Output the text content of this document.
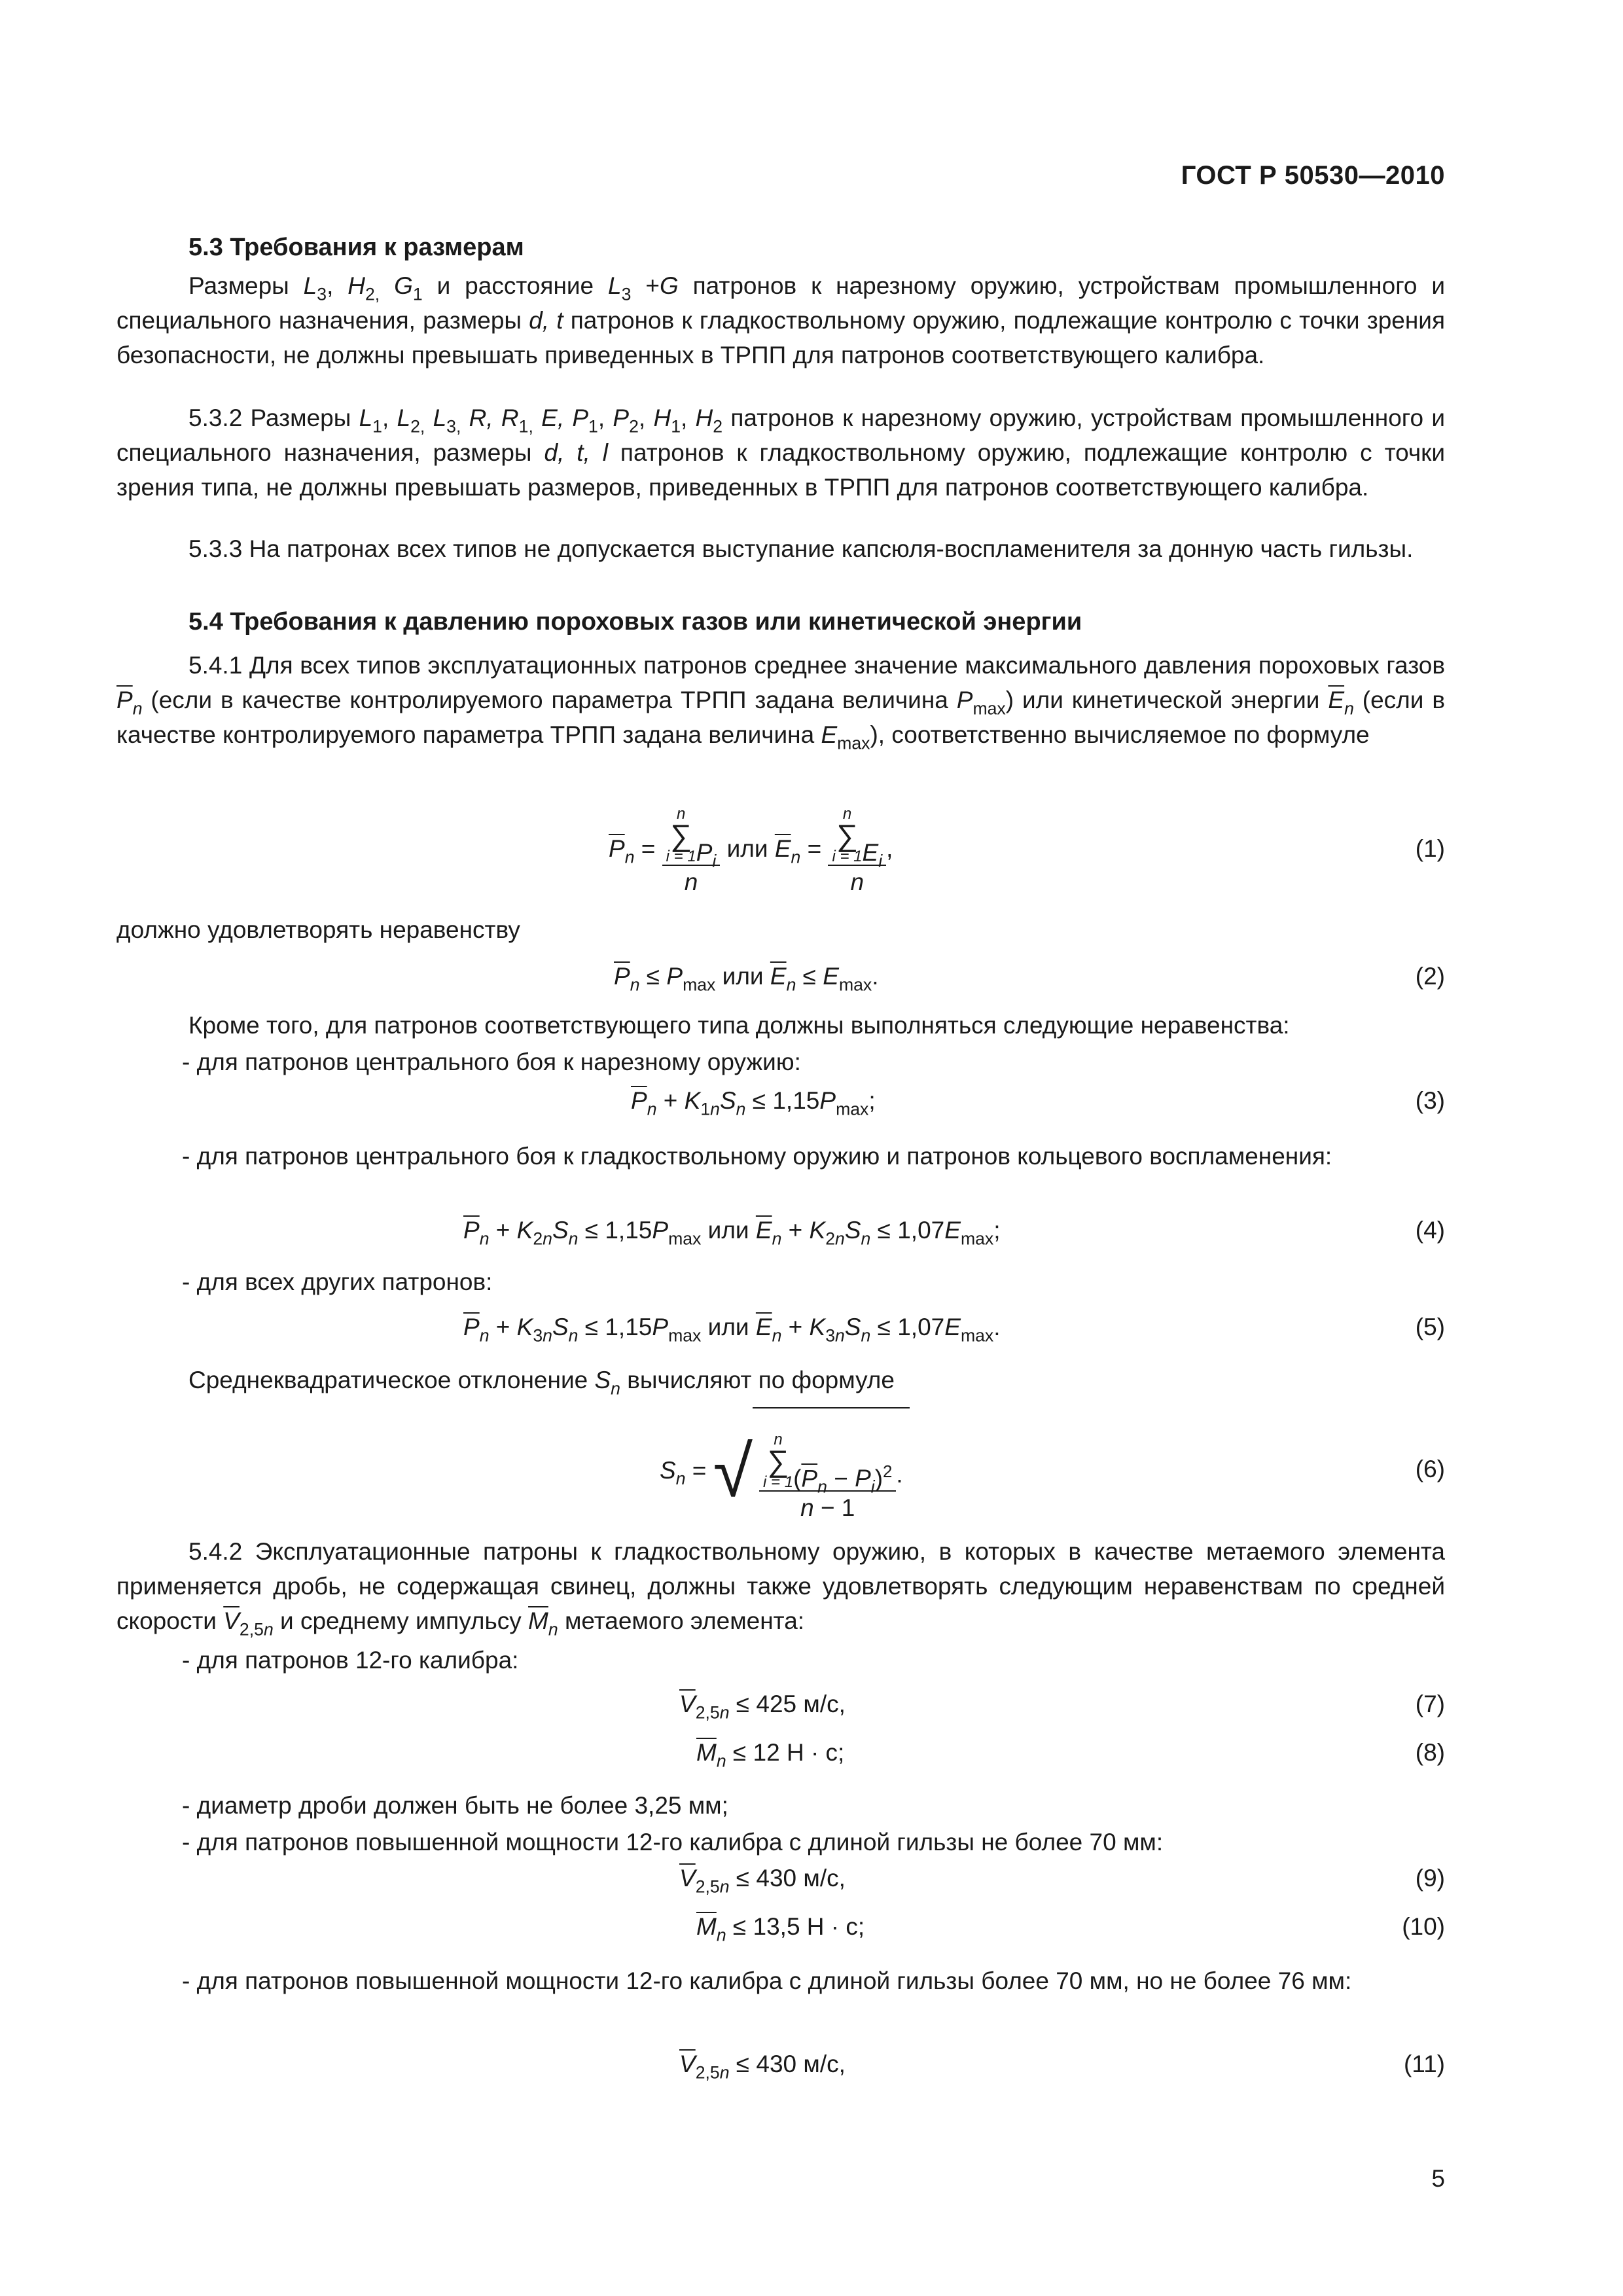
ГОСТ Р 50530—2010
5.3 Требования к размерам
Размеры $L_3$, $H_{2,}$ $G_1$ и расстояние $L_3 +G$ патронов к нарезному оружию, устройствам промышленного и специального назначения, размеры d, t патронов к гладкоствольному оружию, подлежащие контролю с точки зрения безопасности, не должны превышать приведенных в ТРПП для патронов соответствующего калибра.
5.3.2 Размеры $L_1$, $L_{2,}$ $L_{3,}$ R, $R_{1,}$ E, $P_1$, $P_2$, $H_1$, $H_2$ патронов к нарезному оружию, устройствам промышленного и специального назначения, размеры d, t, l патронов к гладкоствольному оружию, подлежащие контролю с точки зрения типа, не должны превышать размеров, приведенных в ТРПП для патронов соответствующего калибра.
5.3.3 На патронах всех типов не допускается выступание капсюля-воспламенителя за донную часть гильзы.
5.4 Требования к давлению пороховых газов или кинетической энергии
5.4.1 Для всех типов эксплуатационных патронов среднее значение максимального давления пороховых газов $\overline{P}_n$ (если в качестве контролируемого параметра ТРПП задана величина $P_{max}$) или кинетической энергии $\overline{E}_n$ (если в качестве контролируемого параметра ТРПП задана величина $E_{max}$), соответственно вычисляемое по формуле
$\overline{P}_n = n$
∑
i = 1 $P_i$
n или $\overline{E}_n = n$
∑
i = 1 $E_i$
n ,	(1)
должно удовлетворять неравенству
$\overline{P}_n \le P_{max}$ или $\overline{E}_n \le E_{max}$.	(2)
Кроме того, для патронов соответствующего типа должны выполняться следующие неравенства:
- для патронов центрального боя к нарезному оружию:
$\overline{P}_n + K_{1n}S_n \le 1,15P_{max}$;	(3)
- для патронов центрального боя к гладкоствольному оружию и патронов кольцевого воспламенения:
$\overline{P}_n + K_{2n}S_n \le 1,15P_{max}$ или $\overline{E}_n + K_{2n}S_n \le 1,07E_{max}$;	(4)
- для всех других патронов:
$\overline{P}_n + K_{3n}S_n \le 1,15P_{max}$ или $\overline{E}_n + K_{3n}S_n \le 1,07E_{max}$.	(5)
Среднеквадратическое отклонение $S_n$ вычисляют по формуле
$S_n$ = √ n
∑
i = 1 $(\overline{P}_n - P_i)^2$
n − 1 .	(6)
5.4.2 Эксплуатационные патроны к гладкоствольному оружию, в которых в качестве метаемого элемента применяется дробь, не содержащая свинец, должны также удовлетворять следующим неравенствам по средней скорости $\overline{V}_{2,5n}$ и среднему импульсу $\overline{M}_n$ метаемого элемента:
- для патронов 12-го калибра:
$\overline{V}_{2,5n} \le 425$ м/с,	(7)
$\overline{M}_n \le 12$ Н · с;	(8)
- диаметр дроби должен быть не более 3,25 мм;
- для патронов повышенной мощности 12-го калибра с длиной гильзы не более 70 мм:
$\overline{V}_{2,5n} \le 430$ м/с,	(9)
$\overline{M}_n \le 13,5$ Н · с;	(10)
- для патронов повышенной мощности 12-го калибра с длиной гильзы более 70 мм, но не более 76 мм:
$\overline{V}_{2,5n} \le 430$ м/с,	(11)
5
